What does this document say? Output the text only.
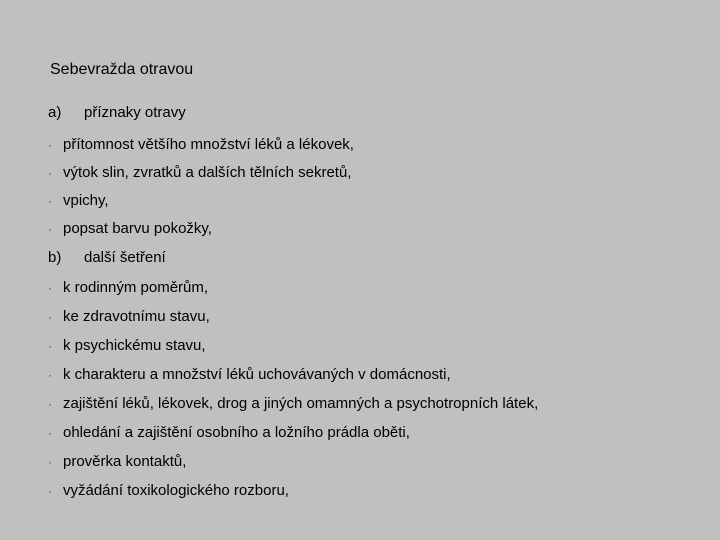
Sebevražda otravou
a) příznaky otravy
· přítomnost většího množství léků a lékovek,
· výtok slin, zvratků a dalších tělních sekretů,
· vpichy,
· popsat barvu pokožky,
b) další šetření
· k rodinným poměrům,
· ke zdravotnímu stavu,
· k psychickému stavu,
· k charakteru a množství léků uchovávaných v domácnosti,
· zajištění léků, lékovek, drog a jiných omamných a psychotropních látek,
· ohledání a zajištění osobního a ložního prádla oběti,
· prověrka kontaktů,
· vyžádání toxikologického rozboru,
